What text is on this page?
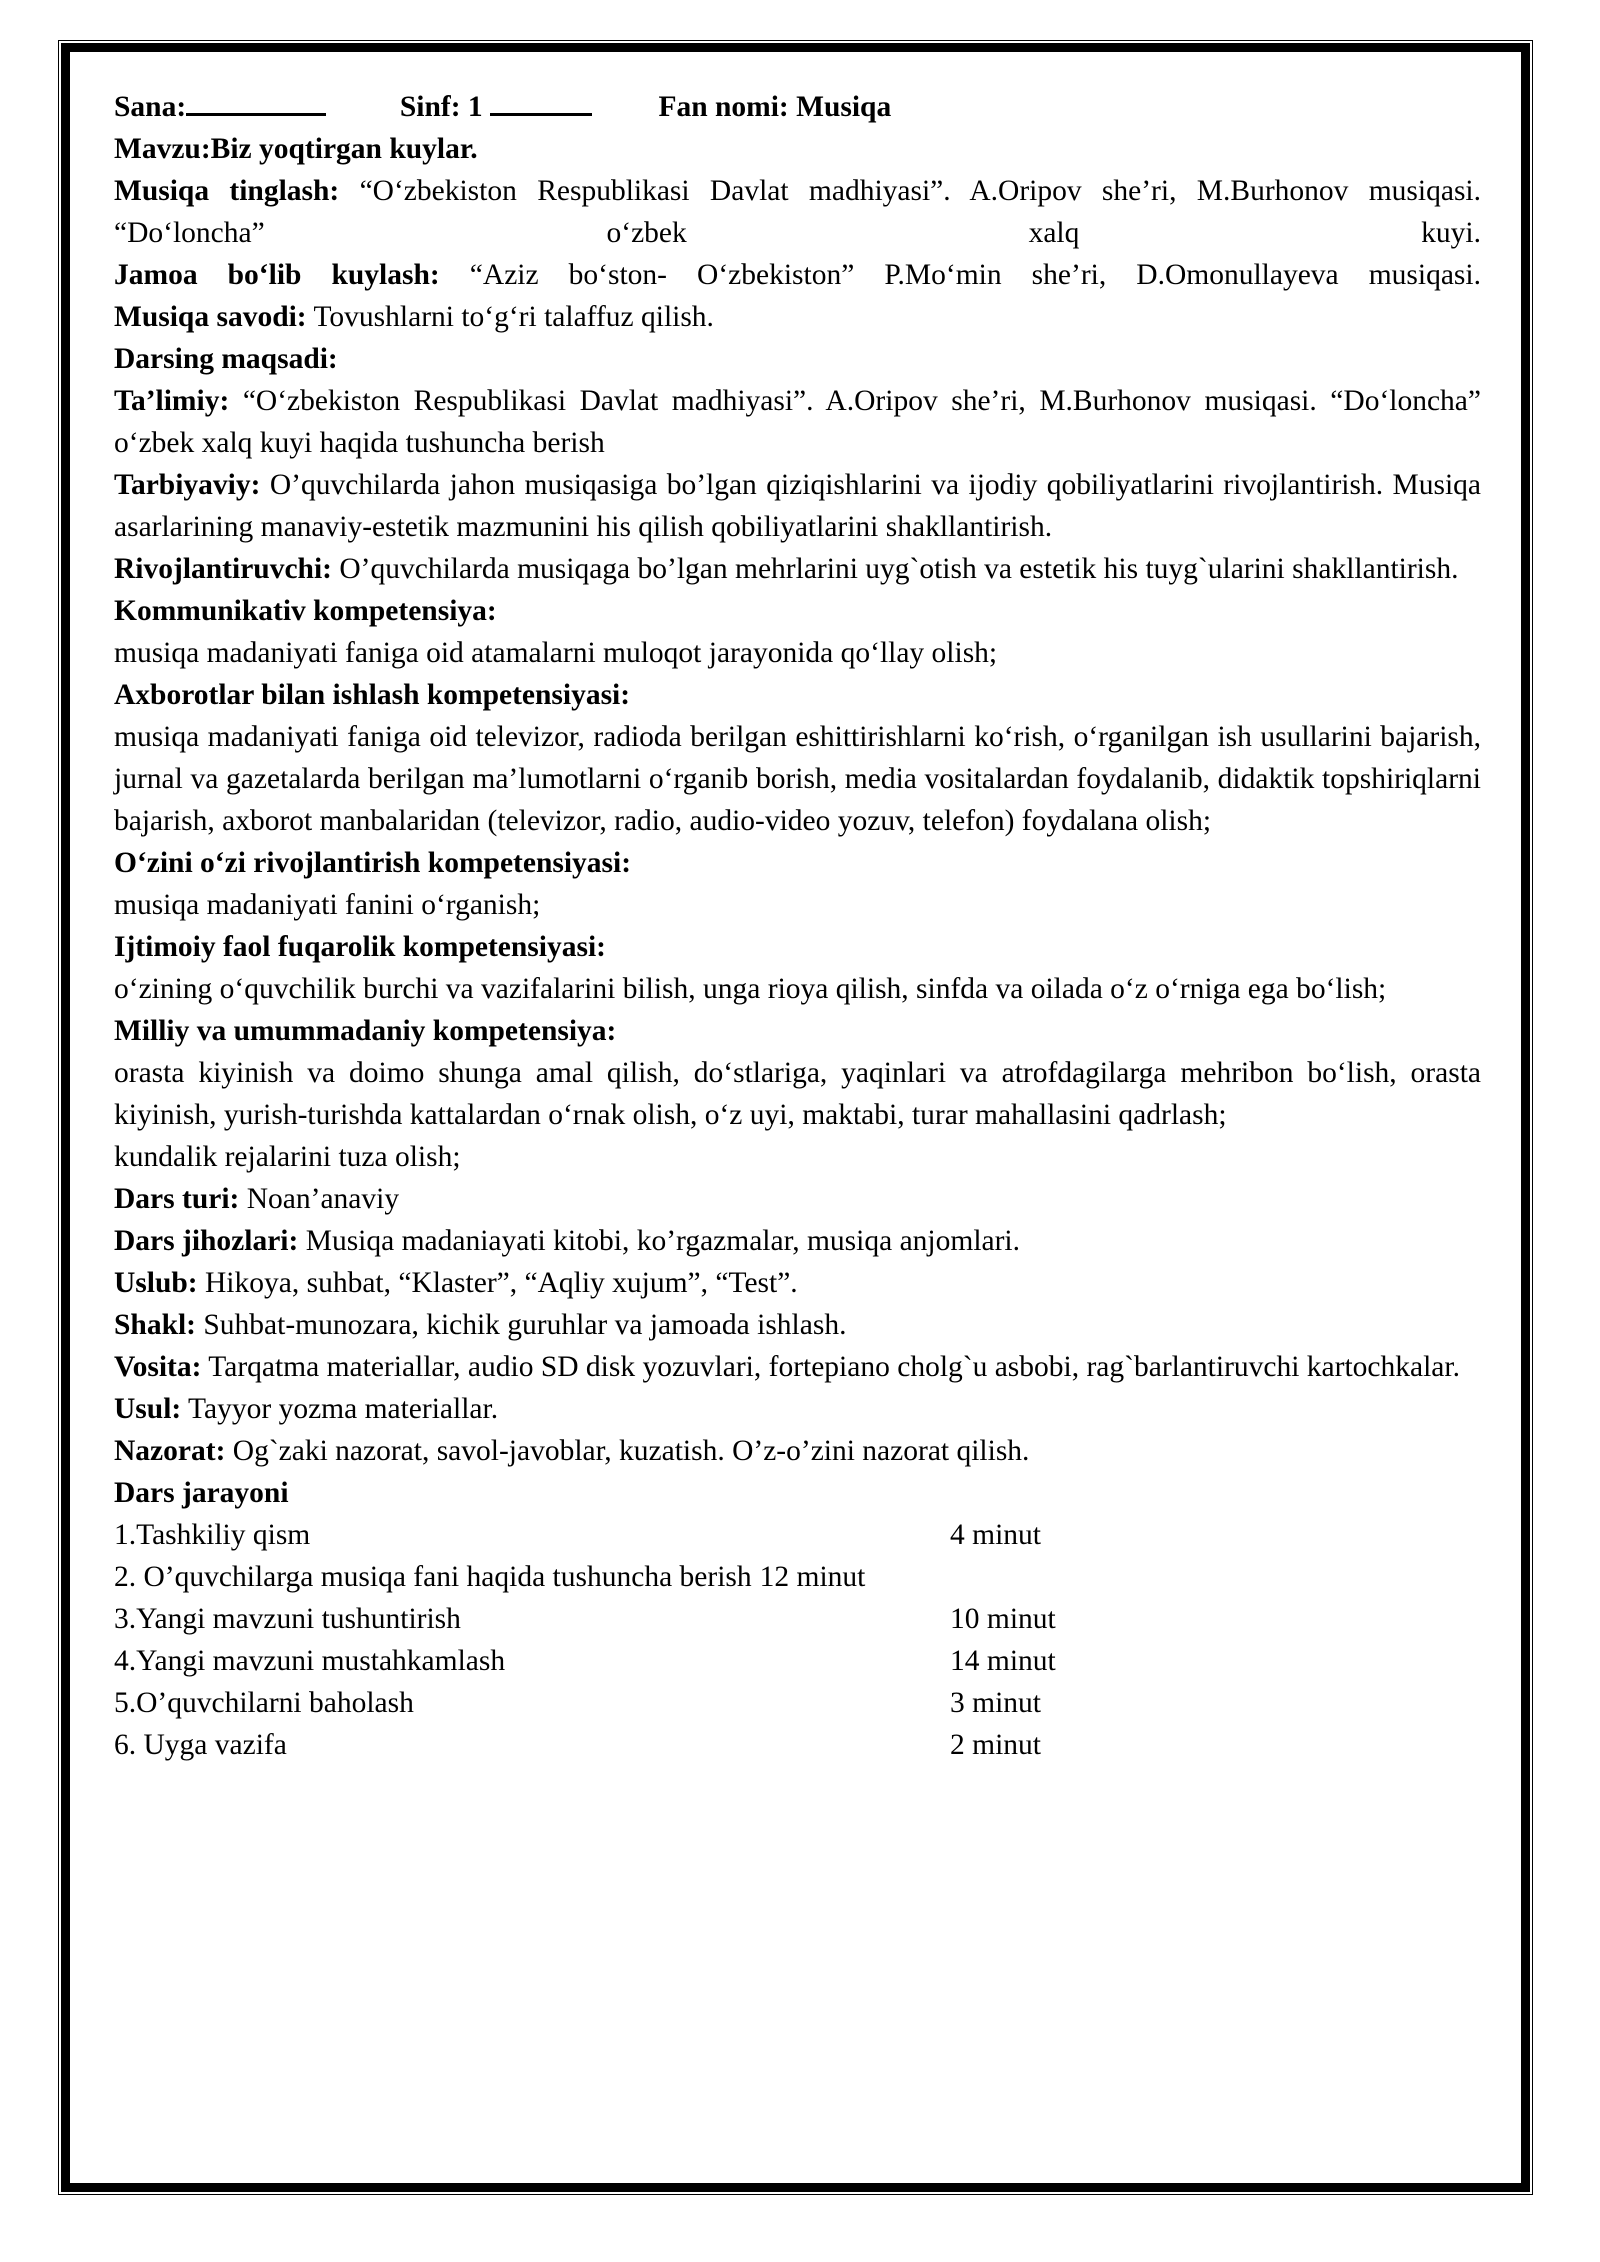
Sana:	Sinf: 1	Fan nomi: Musiqa
Mavzu:Biz yoqtirgan kuylar.
Musiqa tinglash: “O‘zbekiston Respublikasi Davlat madhiyasi”. A.Oripov she’ri, M.Burhonov musiqasi. “Do‘loncha” o‘zbek xalq kuyi.
Jamoa bo‘lib kuylash: “Aziz bo‘ston- O‘zbekiston” P.Mo‘min she’ri, D.Omonullayeva musiqasi.
Musiqa savodi: Tovushlarni to‘g‘ri talaffuz qilish.
Darsing maqsadi:
Ta’limiy: “O‘zbekiston Respublikasi Davlat madhiyasi”. A.Oripov she’ri, M.Burhonov musiqasi. “Do‘loncha” o‘zbek xalq kuyi haqida tushuncha berish
Tarbiyaviy: O’quvchilarda jahon musiqasiga bo’lgan qiziqishlarini va ijodiy qobiliyatlarini rivojlantirish. Musiqa asarlarining manaviy-estetik mazmunini his qilish qobiliyatlarini shakllantirish.
Rivojlantiruvchi: O’quvchilarda musiqaga bo’lgan mehrlarini uyg`otish va estetik his tuyg`ularini shakllantirish.
Kommunikativ kompetensiya:
musiqa madaniyati faniga oid atamalarni muloqot jarayonida qo‘llay olish;
Axborotlar bilan ishlash kompetensiyasi:
musiqa madaniyati faniga oid televizor, radioda berilgan eshittirishlarni ko‘rish, o‘rganilgan ish usullarini bajarish, jurnal va gazetalarda berilgan ma’lumotlarni o‘rganib borish, media vositalardan foydalanib, didaktik topshiriqlarni bajarish, axborot manbalaridan (televizor, radio, audio-video yozuv, telefon) foydalana olish;
O‘zini o‘zi rivojlantirish kompetensiyasi:
musiqa madaniyati fanini o‘rganish;
Ijtimoiy faol fuqarolik kompetensiyasi:
o‘zining o‘quvchilik burchi va vazifalarini bilish, unga rioya qilish, sinfda va oilada o‘z o‘rniga ega bo‘lish;
Milliy va umummadaniy kompetensiya:
orasta kiyinish va doimo shunga amal qilish, do‘stlariga, yaqinlari va atrofdagilarga mehribon bo‘lish, orasta kiyinish, yurish-turishda kattalardan o‘rnak olish, o‘z uyi, maktabi, turar mahallasini qadrlash;
kundalik rejalarini tuza olish;
Dars turi: Noan’anaviy
Dars jihozlari: Musiqa madaniayati kitobi, ko’rgazmalar, musiqa anjomlari.
Uslub: Hikoya, suhbat, “Klaster”, “Aqliy xujum”, “Test”.
Shakl: Suhbat-munozara, kichik guruhlar va jamoada ishlash.
Vosita: Tarqatma materiallar, audio SD disk yozuvlari, fortepiano cholg`u asbobi, rag`barlantiruvchi kartochkalar.
Usul: Tayyor yozma materiallar.
Nazorat: Og`zaki nazorat, savol-javoblar, kuzatish. O’z-o’zini nazorat qilish.
Dars jarayoni
1.Tashkiliy qism	4 minut
2. O’quvchilarga musiqa fani haqida tushuncha berish 12 minut
3.Yangi mavzuni tushuntirish	10 minut
4.Yangi mavzuni mustahkamlash	14 minut
5.O’quvchilarni baholash	3 minut
6. Uyga vazifa	2 minut
